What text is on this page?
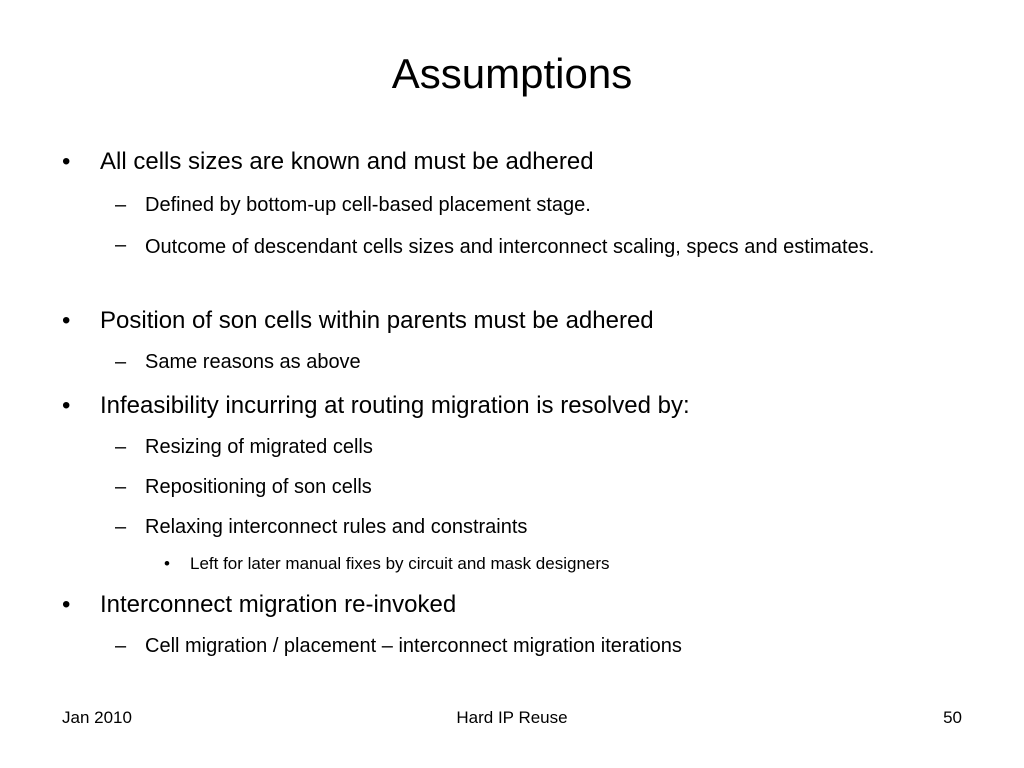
Assumptions
• All cells sizes are known and must be adhered
– Defined by bottom-up cell-based placement stage.
– Outcome of descendant cells sizes and interconnect scaling, specs and estimates.
• Position of son cells within parents must be adhered
– Same reasons as above
• Infeasibility incurring at routing migration is resolved by:
– Resizing of migrated cells
– Repositioning of son cells
– Relaxing interconnect rules and constraints
• Left for later manual fixes by circuit and mask designers
• Interconnect migration re-invoked
– Cell migration / placement – interconnect migration iterations
Jan 2010	Hard IP Reuse	50
